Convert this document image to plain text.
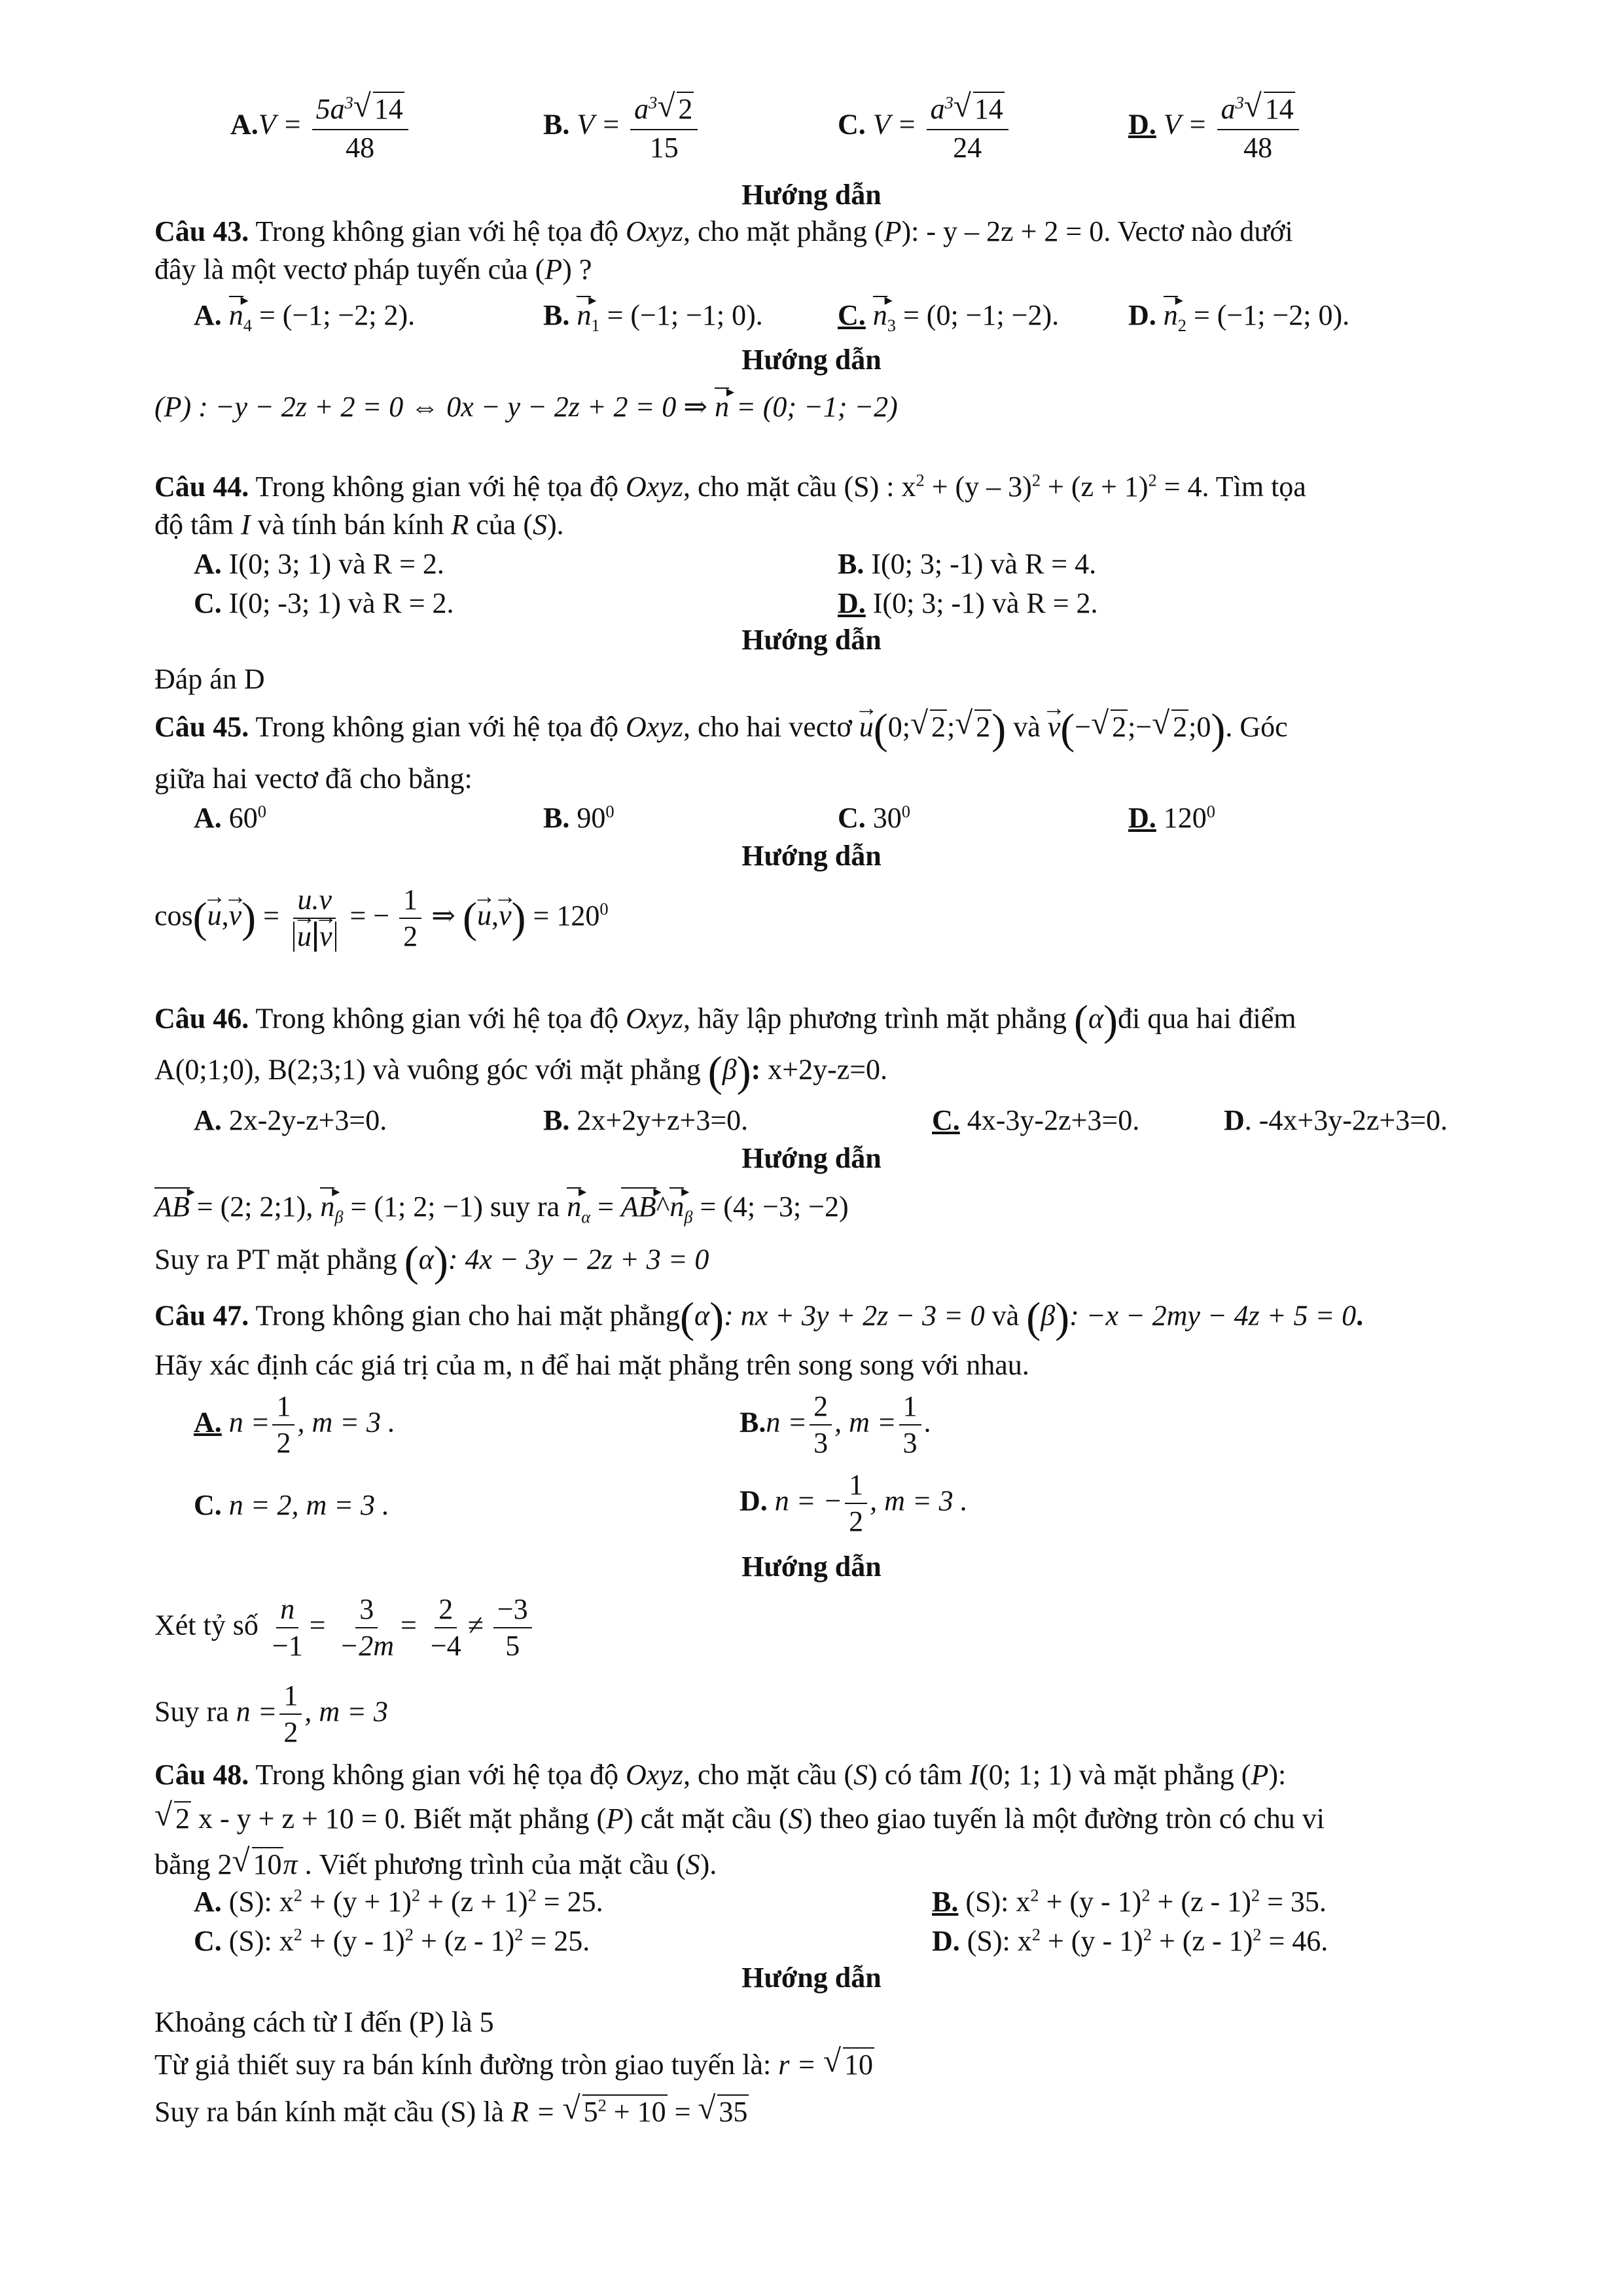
$A.V = \frac{5a^3 √ 14}{48}$	B. $V = \frac{a^3 √ 2}{15}$	C. $V = \frac{a^3 √ 14}{24}$	D. $V = \frac{a^3 √ 14}{48}$
Hướng dẫn
Câu 43. Trong không gian với hệ tọa độ Oxyz, cho mặt phẳng (P): - y – 2z + 2 = 0. Vectơ nào dưới
đây là một vectơ pháp tuyến của (P) ?
A. ▸ $n_4 = (-1$; −2; 2).	B. ▸ $n_1 = (-1$; −1; 0).	C. ▸ $n_3 = (0$; −1; −2). D. ▸ $n_2 = (-1$; −2; 0).
Hướng dẫn
(P) : −y − 2z + 2 = 0 ⇔ 0x − y − 2z + 2 = 0 ⇒ ▸ n = (0; −1; −2)
Câu 44. Trong không gian với hệ tọa độ Oxyz, cho mặt cầu (S) : $x^2 + (y - 3)^2 + (z + 1)^2 = 4$. Tìm tọa
độ tâm I và tính bán kính R của (S).
A. I(0; 3; 1) và R = 2.	B. I(0; 3; -1) và R = 4.
C. I(0; -3; 1) và R = 2.	D. I(0; 3; -1) và R = 2.
Hướng dẫn
Đáp án D
Câu 45. Trong không gian với hệ tọa độ Oxyz, cho hai vectơ u →(0; √ 2; √ 2) và v →(− √ 2;− √ 2;0). Góc
giữa hai vectơ đã cho bằng:
A. $60^0$	B. $90^0$	C. $30^0$	D. $120^0$
Hướng dẫn
cos(u →,v →) = $\frac{u.v}{u \to v}$ → = − $\frac{1}{2}$ ⇒ (u →,v →) = $120^0$
Câu 46. Trong không gian với hệ tọa độ Oxyz, hãy lập phương trình mặt phẳng (α)đi qua hai điểm
A(0;1;0), B(2;3;1) và vuông góc với mặt phẳng (β): x+2y-z=0.
A. 2x-2y-z+3=0.	B. 2x+2y+z+3=0.	C. 4x-3y-2z+3=0.	D. -4x+3y-2z+3=0.
Hướng dẫn
▸ AB = (2; 2;1), ▸ $n_\beta = (1$; 2; −1) suy ra ▸ $n_\alpha$ = ▸ AB^▸ $n_\beta = (4$; −3; −2)
Suy ra PT mặt phẳng (α): 4x − 3y − 2z + 3 = 0
Câu 47. Trong không gian cho hai mặt phẳng(α): nx + 3y + 2z − 3 = 0 và (β): −x − 2my − 4z + 5 = 0.
Hãy xác định các giá trị của m, n để hai mặt phẳng trên song song với nhau.
A. $n = \frac{1}{2}$ , m = 3 .	$B.n = \frac{2}{3}$ , $m = \frac{1}{3}$ .
C. n = 2, m = 3 .	D. n = − $\frac{1}{2}$ , m = 3 .
Hướng dẫn
Xét tỷ số $\frac{n}{-1} = \frac{3}{-2m} = \frac{2}{-4} \ne \frac{-3}{5}$
Suy ra $n = \frac{1}{2}$ , m = 3
Câu 48. Trong không gian với hệ tọa độ Oxyz, cho mặt cầu (S) có tâm I(0; 1; 1) và mặt phẳng (P):
√ 2 x - y + z + 10 = 0. Biết mặt phẳng (P) cắt mặt cầu (S) theo giao tuyến là một đường tròn có chu vi
bằng 2 √ 10π . Viết phương trình của mặt cầu (S).
A. (S): $x^2 + (y + 1)^2 + (z + 1)^2 = 25$.	B. (S): $x^2 + (y - 1)^2 + (z - 1)^2 = 35$.
C. (S): $x^2 + (y - 1)^2 + (z - 1)^2 = 25$.	D. (S): $x^2 + (y - 1)^2 + (z - 1)^2 = 46$.
Hướng dẫn
Khoảng cách từ I đến (P) là 5
Từ giả thiết suy ra bán kính đường tròn giao tuyến là: r = √ 10
Suy ra bán kính mặt cầu (S) là R = √ $5^2 + 10$ = √ 35
